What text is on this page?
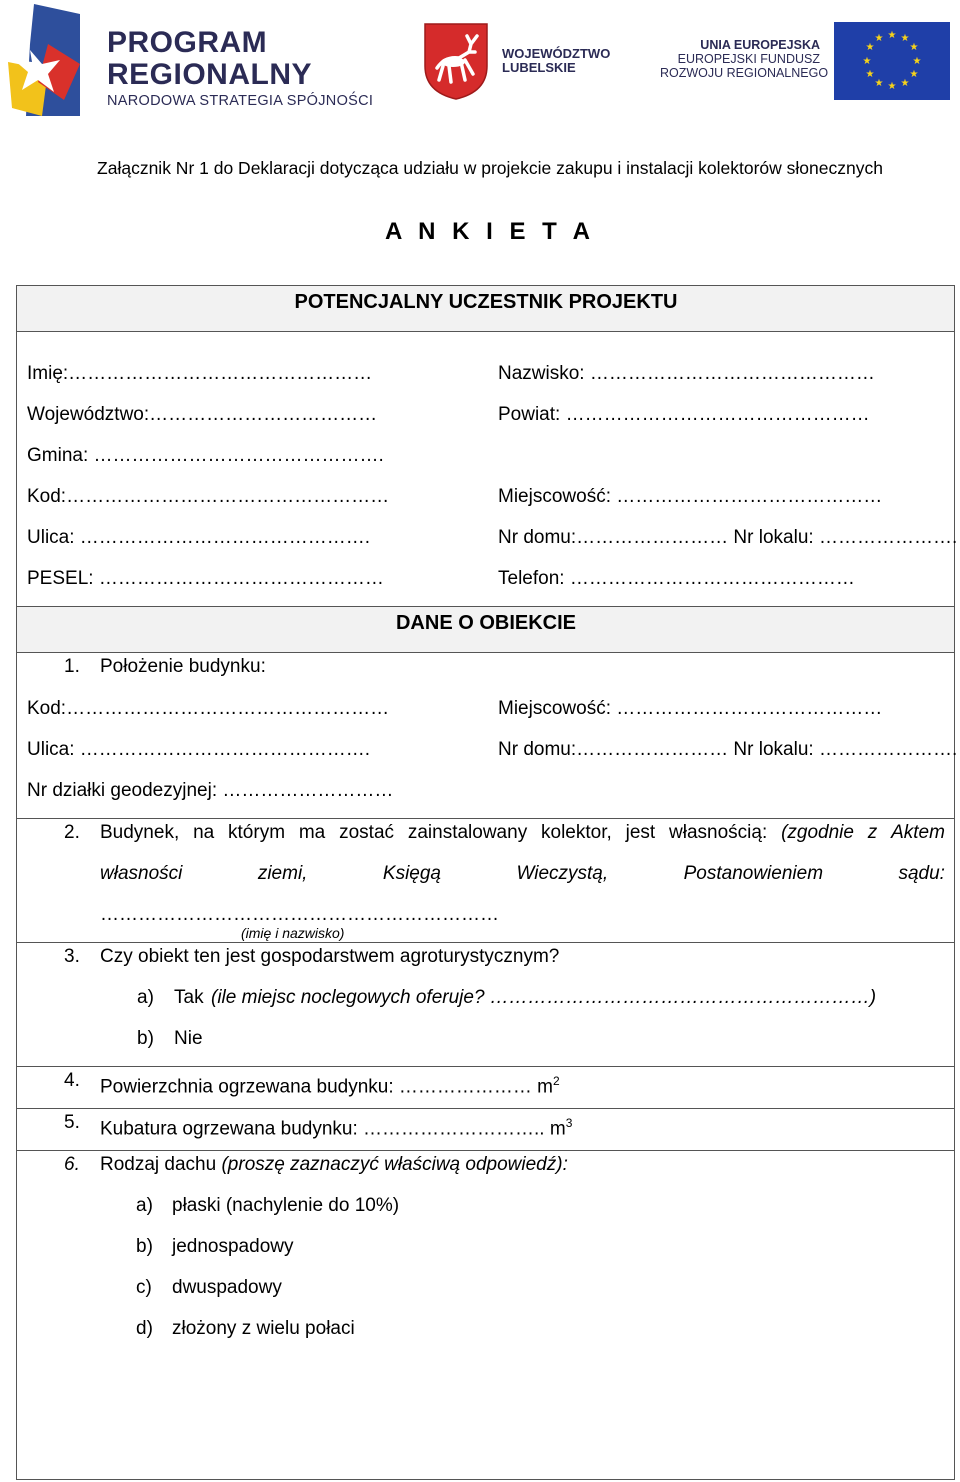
PROGRAM
REGIONALNY
NARODOWA STRATEGIA SPÓJNOŚCI
WOJEWÓDZTWO
LUBELSKIE
UNIA EUROPEJSKA
EUROPEJSKI FUNDUSZ
ROZWOJU REGIONALNEGO
★ ★
★
★
★
★
★
★
★
★
★
★
Załącznik Nr 1 do Deklaracji dotycząca udziału w projekcie zakupu i instalacji kolektorów słonecznych
A N K I E T A
POTENCJALNY UCZESTNIK PROJEKTU
Imię:…………………………………………	Nazwisko: ………………………………………
Województwo:………………………………	Powiat: …………………………………………
Gmina: ……………………………………….
Kod:……………………………………………	Miejscowość: ……………………………………
Ulica: ……………………………………….	Nr domu:…………………… Nr lokalu: ………………….
PESEL: ………………………………………	Telefon: ………………………………………
DANE O OBIEKCIE
1. Położenie budynku:
Kod:……………………………………………	Miejscowość: ……………………………………
Ulica: ……………………………………….	Nr domu:…………………… Nr lokalu: ………………….
Nr działki geodezyjnej: ………………………
2. Budynek, na którym ma zostać zainstalowany kolektor, jest własnością: (zgodnie z Aktem
własności	ziemi,	Księgą	Wieczystą,	Postanowieniem	sądu:
………………………………………………………
(imię i nazwisko)
3. Czy obiekt ten jest gospodarstwem agroturystycznym?
a) Tak (ile miejsc noclegowych oferuje? ……………………………………………………)
b) Nie
4. Powierzchnia ogrzewana budynku: ………………… $m^2$
5. Kubatura ogrzewana budynku: ……………………….. $m^3$
6. Rodzaj dachu (proszę zaznaczyć właściwą odpowiedź):
a) płaski (nachylenie do 10%)
b) jednospadowy
c) dwuspadowy
d) złożony z wielu połaci
